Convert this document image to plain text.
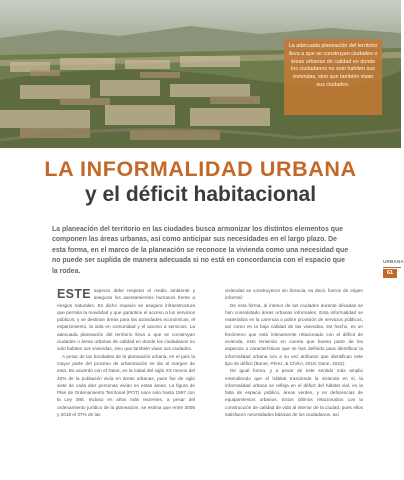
La adecuada planeación del territorio lleva a que se construyan ciudades o áreas urbanas de calidad en donde los ciudadanos no solo habiten sus viviendas, sino que también vivan sus ciudades.
LA INFORMALIDAD URBANA
y el déficit habitacional

La planeación del territorio en las ciudades busca armonizar los distintos elementos que componen las áreas urbanas, así como anticipar sus necesidades en el largo plazo. De esta forma, en el marco de la planeación se reconoce la vivienda como una necesidad que no puede ser suplida de manera adecuada si no está en concordancia con el espacio que la rodea.

URBANA
61

ESTE aspecto debe respetar el medio ambiente y asegurar los asentamientos humanos frente a riesgos naturales. En dicho espacio se asegura infraestructura que permita la movilidad y que garantice el acceso a los servicios públicos; y se destinan áreas para las actividades económicas, el esparcimiento, la vida en comunidad y el acceso a servicios. La adecuada planeación del territorio lleva a que se construyan ciudades o áreas urbanas de calidad en donde los ciudadanos no solo habiten sus viviendas, sino que también vivan sus ciudades.

A pesar de las bondades de la planeación urbana, en el país la mayor parte del proceso de urbanización se dio al margen de esta. De acuerdo con el Dane, en la mitad del siglo XX menos del 40% de la población vivía en áreas urbanas, pues fue de siglo siete de cada diez personas vivían en estas áreas. La figura de Plan de Ordenamiento Territorial (POT) nace solo hasta 1997 con la Ley 388. Incluso en años más recientes, a pesar del ordenamiento jurídico de la planeación, se estima que entre 2005 y 2018 el 37% de las

viviendas se construyeron sin licencia, es decir, fueron de origen informal.

De esta forma, al interior de las ciudades durante décadas se han consolidado áreas urbanas informales. Esta informalidad se materializa en la carencia o pobre provisión de servicios públicos, así como en la baja calidad de las viviendas. De hecho, es un fenómeno que está íntimamente relacionado con el déficit de vivienda, esto teniendo en cuenta que buena parte de los aspectos o características que se han definido para identificar la informalidad urbana son a su vez atributos que identifican este tipo de déficit (Bonet, Pérez, & Chirivi, 2016; Dane, 2022).

De igual forma, y a pesar de este sentido más amplio entendiendo que el hábitat trasciende la vivienda en sí, la informalidad urbana se refleja en el déficit del hábitat vial, en la falta de espacio público, áreas verdes, y en deficiencias de equipamientos urbanos. Estos últimos relacionados con la construcción de calidad de vida al interior de la ciudad, pues ellos satisfacen necesidades básicas de los ciudadanos, así
